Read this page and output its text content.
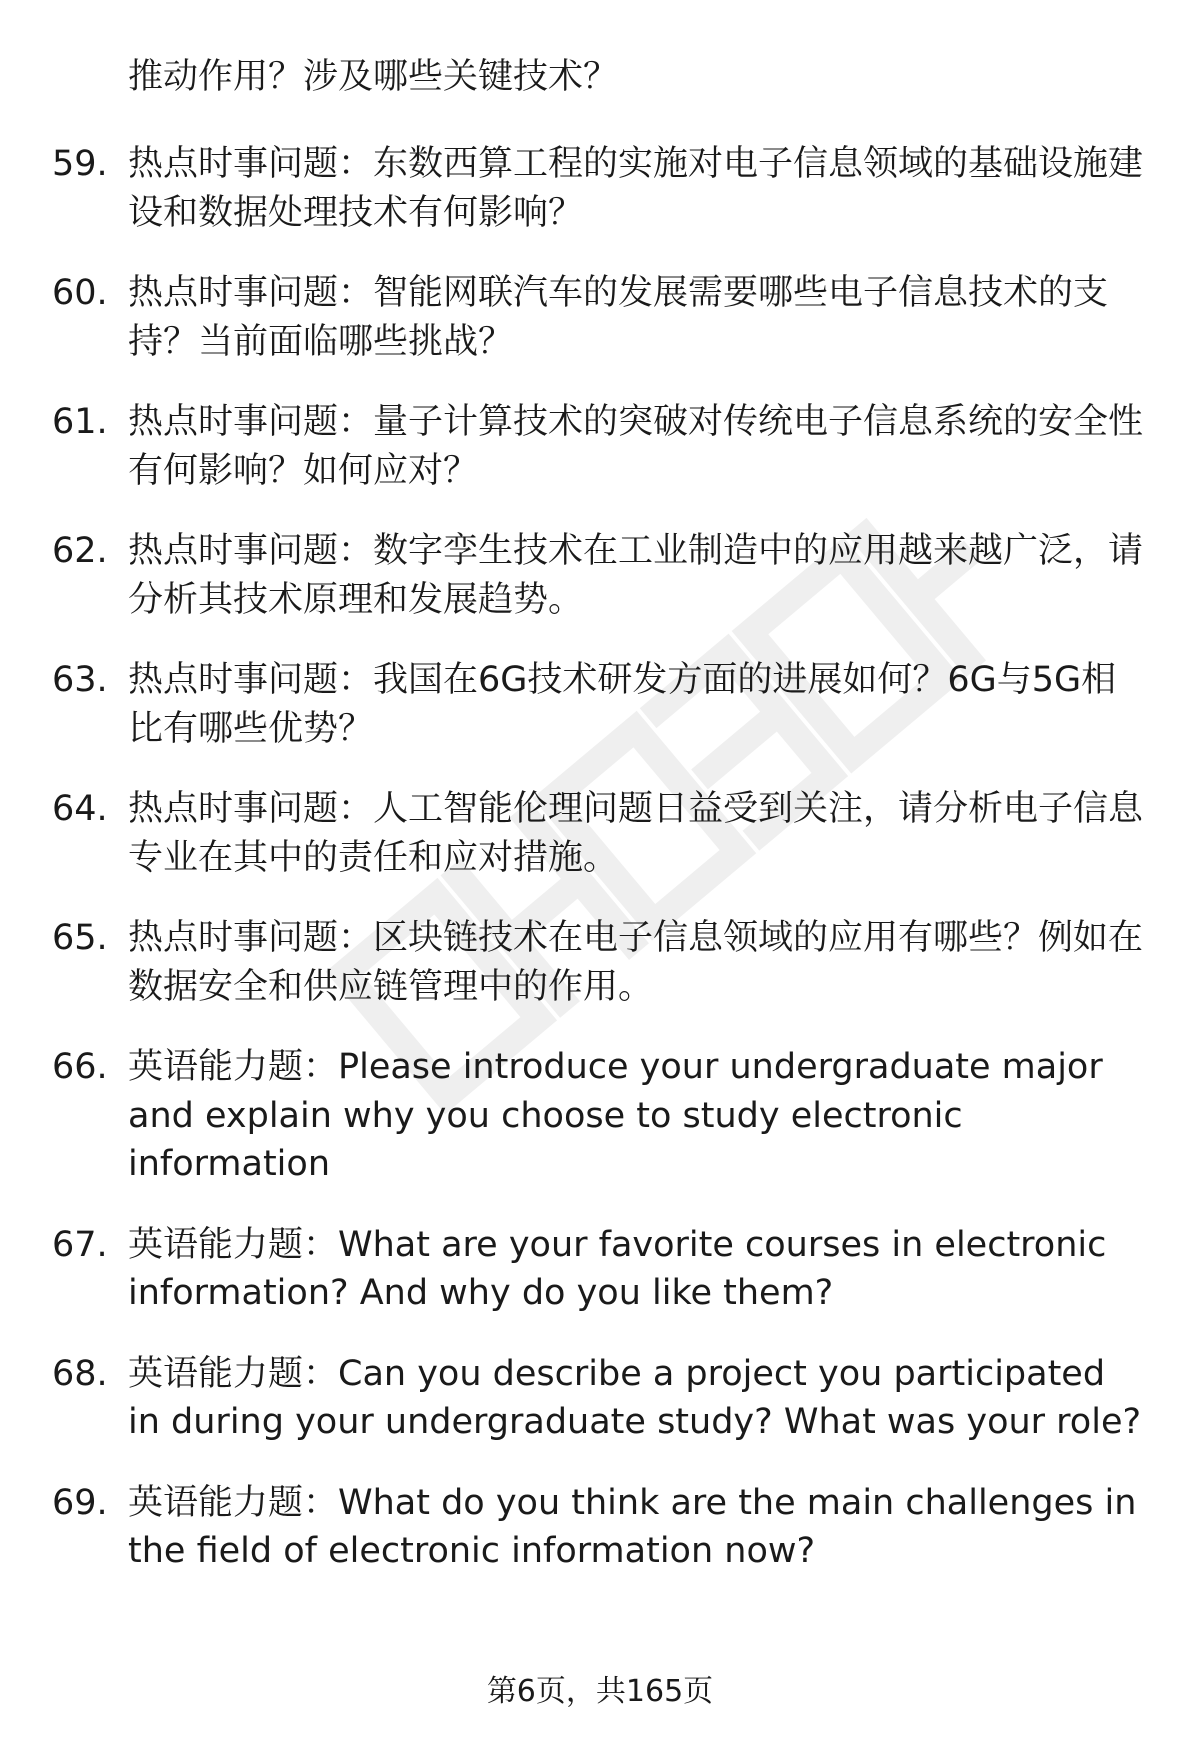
推动作用？涉及哪些关键技术？
59. 热点时事问题：东数西算工程的实施对电子信息领域的基础设施建设和数据处理技术有何影响？
60. 热点时事问题：智能网联汽车的发展需要哪些电子信息技术的支持？当前面临哪些挑战？
61. 热点时事问题：量子计算技术的突破对传统电子信息系统的安全性有何影响？如何应对？
62. 热点时事问题：数字孪生技术在工业制造中的应用越来越广泛，请分析其技术原理和发展趋势。
63. 热点时事问题：我国在6G技术研发方面的进展如何？6G与5G相比有哪些优势？
64. 热点时事问题：人工智能伦理问题日益受到关注，请分析电子信息专业在其中的责任和应对措施。
65. 热点时事问题：区块链技术在电子信息领域的应用有哪些？例如在数据安全和供应链管理中的作用。
66. 英语能力题：Please introduce your undergraduate major and explain why you choose to study electronic information
67. 英语能力题：What are your favorite courses in electronic information? And why do you like them?
68. 英语能力题：Can you describe a project you participated in during your undergraduate study? What was your role?
69. 英语能力题：What do you think are the main challenges in the field of electronic information now?
第6页，共165页
